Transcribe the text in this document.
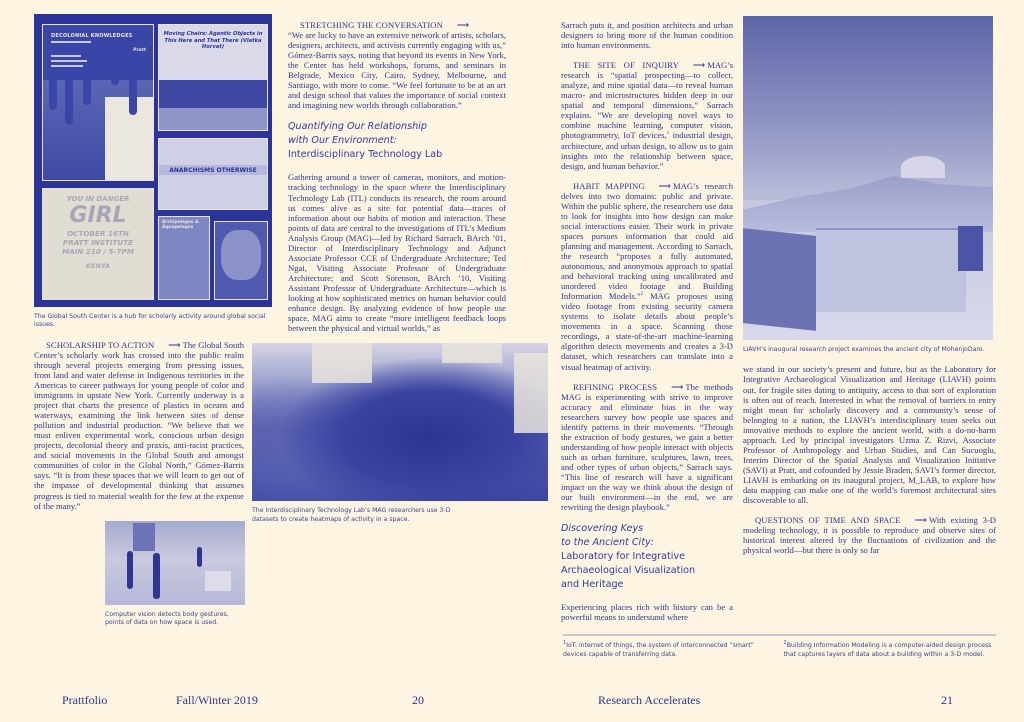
DECOLONIAL KNOWLEDGES
Pratt
Moving Chairs: Agentic Objects in This Here and That There (Vlatka Horvat)
ANARCHISMS OTHERWISE
YOU IN DANGER
GIRL
OCTOBER 16TH
PRATT INSTITUTE
MAIN 210 / 5-7PM
KENYA
Archipelagos & Aquapelagos

The Global South Center is a hub for scholarly activity around global social issues.

SCHOLARSHIP TO ACTION ⟶ The Global South Center’s scholarly work has crossed into the public realm through several projects emerging from pressing issues, from land and water defense in Indigenous territories in the Americas to career pathways for young people of color and immigrants in upstate New York. Currently underway is a project that charts the presence of plastics in oceans and waterways, examining the link between sites of dense pollution and industrial production. “We believe that we must enliven experimental work, conscious urban design projects, decolonial theory and praxis, anti-racist practices, and social movements in the Global South and amongst communities of color in the Global North,” Gómez-Barris says. “It is from these spaces that we will learn to get out of the impasse of developmental thinking that assumes progress is tied to material wealth for the few at the expense of the many.”

Computer vision detects body gestures, points of data on how space is used.

STRETCHING THE CONVERSATION ⟶
“We are lucky to have an extensive network of artists, scholars, designers, architects, and activists currently engaging with us,” Gómez-Barris says, noting that beyond its events in New York, the Center has held workshops, forums, and seminars in Belgrade, Mexico City, Cairo, Sydney, Melbourne, and Santiago, with more to come. “We feel fortunate to be at an art and design school that values the importance of social context and imagining new worlds through collaboration.”

Quantifying Our Relationship
with Our Environment:
Interdisciplinary Technology Lab

Gathering around a tower of cameras, monitors, and motion-tracking technology in the space where the Interdisciplinary Technology Lab (ITL) conducts its research, the room around us comes alive as a site for potential data—traces of information about our habits of motion and interaction. These points of data are central to the investigations of ITL’s Medium Analysis Group (MAG)—led by Richard Sarrach, BArch ’01, Director of Interdisciplinary Technology and Adjunct Associate Professor CCE of Undergraduate Architecture; Ted Ngai, Visiting Associate Professor of Undergraduate Architecture; and Scott Sorenson, BArch ’10, Visiting Assistant Professor of Undergraduate Architecture—which is looking at how sophisticated metrics on human behavior could enhance design. By analyzing evidence of how people use space, MAG aims to create “more intelligent feedback loops between the physical and virtual worlds,” as

The Interdisciplinary Technology Lab’s MAG researchers use 3-D datasets to create heatmaps of activity in a space.

Sarrach puts it, and position architects and urban designers to bring more of the human condition into human environments.

THE SITE OF INQUIRY ⟶ MAG’s research is “spatial prospecting—to collect, analyze, and mine spatial data—to reveal human macro- and microstructures hidden deep in our spatial and temporal dimensions,” Sarrach explains. “We are developing novel ways to combine machine learning, computer vision, photogrammetry, IoT devices,$^1$ industrial design, architecture, and urban design, to allow us to gain insights into the relationship between space, design, and human behavior.”

HABIT MAPPING ⟶ MAG’s research delves into two domains: public and private. Within the public sphere, the researchers use data to look for insights into how design can make social interactions easier. Their work in private spaces pursues information that could aid planning and management. According to Sarrach, the research “proposes a fully automated, autonomous, and anonymous approach to spatial and behavioral tracking using uncalibrated and unordered video footage and Building Information Models.”$^2$ MAG proposes using video footage from existing security camera systems to isolate details about people’s movements in a space. Scanning those recordings, a state-of-the-art machine-learning algorithm detects movements and creates a 3-D dataset, which researchers can translate into a visual heatmap of activity.

REFINING PROCESS ⟶ The methods MAG is experimenting with strive to improve accuracy and eliminate bias in the way researchers survey how people use spaces and identify patterns in their movements. “Through the extraction of body gestures, we gain a better understanding of how people interact with objects such as urban furniture, sculptures, lawn, trees, and other types of urban objects,” Sarrach says. “This line of research will have a significant impact on the way we think about the design of our built environment—in the end, we are rewriting the design playbook.”

Discovering Keys
to the Ancient City:
Laboratory for Integrative
Archaeological Visualization
and Heritage

Experiencing places rich with history can be a powerful means to understand where

LIAVH’s inaugural research project examines the ancient city of MohenjoDaro.

we stand in our society’s present and future, but as the Laboratory for Integrative Archaeological Visualization and Heritage (LIAVH) points out, for fragile sites dating to antiquity, access to that sort of exploration is often out of reach. Interested in what the removal of barriers to entry might mean for scholarly discovery and a community’s sense of belonging to a nation, the LIAVH’s interdisciplinary team seeks out innovative methods to explore the ancient world, with a do-no-harm approach. Led by principal investigators Uzma Z. Rizvi, Associate Professor of Anthropology and Urban Studies, and Can Sucuoglu, Interim Director of the Spatial Analysis and Visualization Initiative (SAVI) at Pratt, and cofounded by Jessie Braden, SAVI’s former director, LIAVH is embarking on its inaugural project, M_LAB, to explore how data mapping can make one of the world’s foremost architectural sites discoverable to all.

QUESTIONS OF TIME AND SPACE ⟶ With existing 3-D modeling technology, it is possible to reproduce and observe sites of historical interest altered by the fluctuations of civilization and the physical world—but there is only so far

$^1$IoT: internet of things, the system of interconnected “smart” devices capable of transferring data.

$^2$Building Information Modeling is a computer-aided design process that captures layers of data about a building within a 3-D model.

Prattfolio	Fall/Winter 2019	20	Research Accelerates	21
